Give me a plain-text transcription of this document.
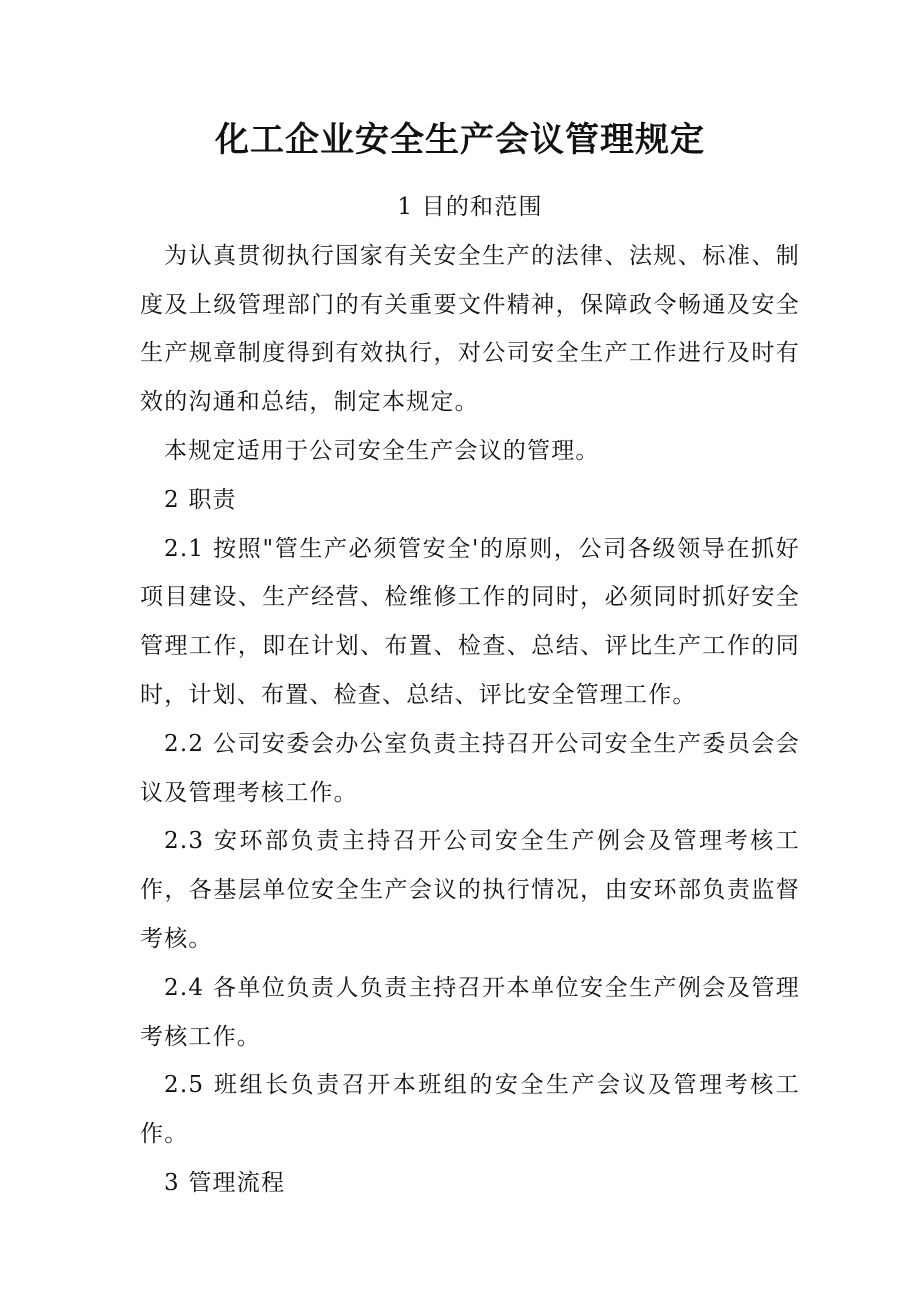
化工企业安全生产会议管理规定

1 目的和范围

为认真贯彻执行国家有关安全生产的法律、法规、标准、制度及上级管理部门的有关重要文件精神，保障政令畅通及安全生产规章制度得到有效执行，对公司安全生产工作进行及时有效的沟通和总结，制定本规定。

本规定适用于公司安全生产会议的管理。

2 职责

2.1 按照"管生产必须管安全'的原则，公司各级领导在抓好项目建设、生产经营、检维修工作的同时，必须同时抓好安全管理工作，即在计划、布置、检查、总结、评比生产工作的同时，计划、布置、检查、总结、评比安全管理工作。

2.2 公司安委会办公室负责主持召开公司安全生产委员会会议及管理考核工作。

2.3 安环部负责主持召开公司安全生产例会及管理考核工作，各基层单位安全生产会议的执行情况，由安环部负责监督考核。

2.4 各单位负责人负责主持召开本单位安全生产例会及管理考核工作。

2.5 班组长负责召开本班组的安全生产会议及管理考核工作。

3 管理流程
